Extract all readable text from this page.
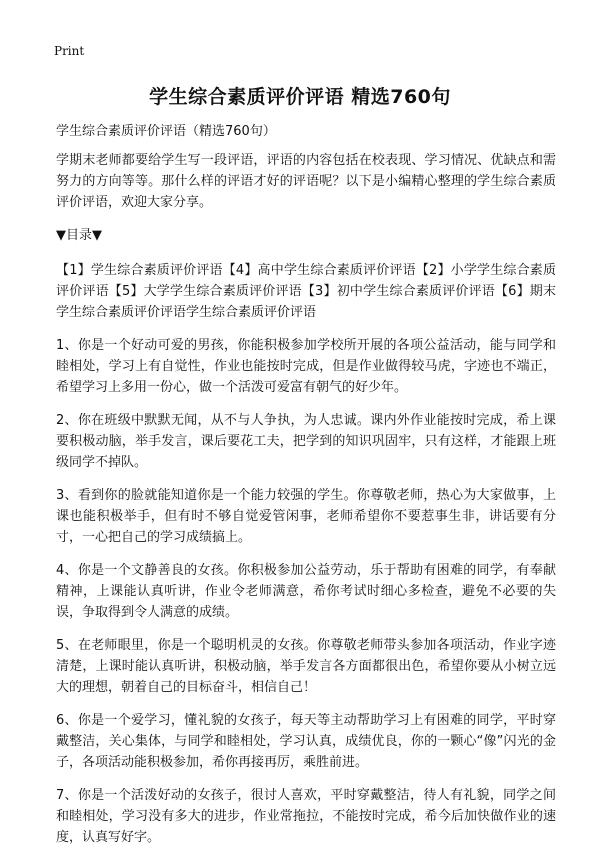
Print
学生综合素质评价评语 精选760句
学生综合素质评价评语（精选760句）

学期末老师都要给学生写一段评语，评语的内容包括在校表现、学习情况、优缺点和需努力的方向等等。那什么样的评语才好的评语呢？以下是小编精心整理的学生综合素质评价评语，欢迎大家分享。

▼目录▼

【1】学生综合素质评价评语【4】高中学生综合素质评价评语【2】小学学生综合素质评价评语【5】大学学生综合素质评价评语【3】初中学生综合素质评价评语【6】期末学生综合素质评价评语学生综合素质评价评语

1、你是一个好动可爱的男孩，你能积极参加学校所开展的各项公益活动，能与同学和睦相处，学习上有自觉性，作业也能按时完成，但是作业做得较马虎，字迹也不端正，希望学习上多用一份心，做一个活泼可爱富有朝气的好少年。

2、你在班级中默默无闻，从不与人争执，为人忠诚。课内外作业能按时完成，希上课要积极动脑，举手发言，课后要花工夫，把学到的知识巩固牢，只有这样，才能跟上班级同学不掉队。

3、看到你的脸就能知道你是一个能力较强的学生。你尊敬老师，热心为大家做事，上课也能积极举手，但有时不够自觉爱管闲事，老师希望你不要惹事生非，讲话要有分寸，一心把自己的学习成绩搞上。

4、你是一个文静善良的女孩。你积极参加公益劳动，乐于帮助有困难的同学，有奉献精神，上课能认真听讲，作业令老师满意，希你考试时细心多检查，避免不必要的失误，争取得到令人满意的成绩。

5、在老师眼里，你是一个聪明机灵的女孩。你尊敬老师带头参加各项活动，作业字迹清楚，上课时能认真听讲，积极动脑，举手发言各方面都很出色，希望你要从小树立远大的理想，朝着自己的目标奋斗，相信自己！

6、你是一个爱学习，懂礼貌的女孩子，每天等主动帮助学习上有困难的同学，平时穿戴整洁，关心集体，与同学和睦相处，学习认真，成绩优良，你的一颗心“像”闪光的金子，各项活动能积极参加，希你再接再厉，乘胜前进。

7、你是一个活泼好动的女孩子，很讨人喜欢，平时穿戴整洁，待人有礼貌，同学之间和睦相处，学习没有多大的进步，作业常拖拉，不能按时完成，希今后加快做作业的速度，认真写好字。
